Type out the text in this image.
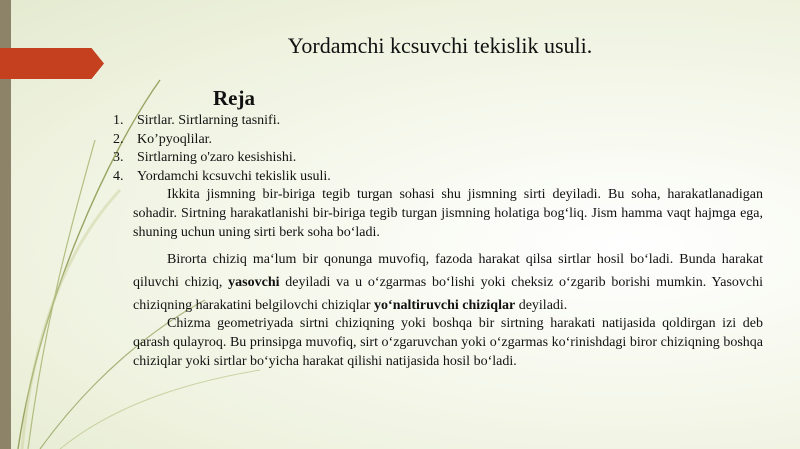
Yordamchi kcsuvchi tekislik usuli.
Reja
1. Sirtlar. Sirtlarning tasnifi.
2. Ko’pyoqlilar.
3. Sirtlarning o'zaro kesishishi.
4. Yordamchi kcsuvchi tekislik usuli.

Ikkita jismning bir-biriga tegib turgan sohasi shu jismning sirti deyiladi. Bu soha, harakatlanadigan sohadir. Sirtning harakatlanishi bir-biriga tegib turgan jismning holatiga bog‘liq. Jism hamma vaqt hajmga ega, shuning uchun uning sirti berk soha bo‘ladi.

Birorta chiziq ma‘lum bir qonunga muvofiq, fazoda harakat qilsa sirtlar hosil bo‘ladi. Bunda harakat qiluvchi chiziq, yasovchi deyiladi va u o‘zgarmas bo‘lishi yoki cheksiz o‘zgarib borishi mumkin. Yasovchi chiziqning harakatini belgilovchi chiziqlar yo‘naltiruvchi chiziqlar deyiladi.

Chizma geometriyada sirtni chiziqning yoki boshqa bir sirtning harakati natijasida qoldirgan izi deb qarash qulayroq. Bu prinsipga muvofiq, sirt o‘zgaruvchan yoki o‘zgarmas ko‘rinishdagi biror chiziqning boshqa chiziqlar yoki sirtlar bo‘yicha harakat qilishi natijasida hosil bo‘ladi.
